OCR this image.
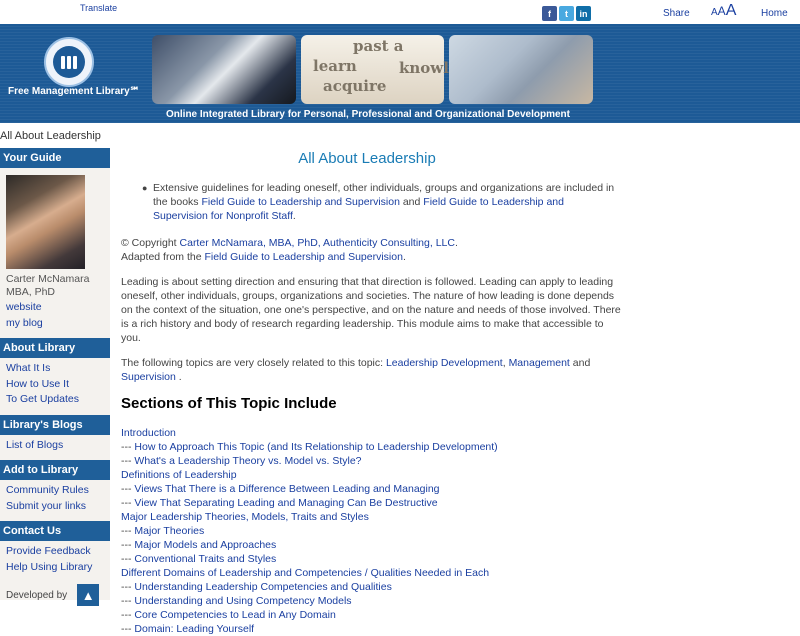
Translate
f	t	in	Share AAA Home
Free Management Library℠
past a
learn
acquire
knowl
Online Integrated Library for Personal, Professional and Organizational Development
All About Leadership
Your Guide
Carter McNamara
MBA, PhD
website
my blog
About Library
What It Is
How to Use It
To Get Updates
Library's Blogs
List of Blogs
Add to Library
Community Rules
Submit your links
Contact Us
Provide Feedback
Help Using Library
Developed by	▲
All About Leadership
● Extensive guidelines for leading oneself, other individuals, groups and organizations are included in the books Field Guide to Leadership and Supervision and Field Guide to Leadership and Supervision for Nonprofit Staff.

© Copyright Carter McNamara, MBA, PhD, Authenticity Consulting, LLC.
Adapted from the Field Guide to Leadership and Supervision.

Leading is about setting direction and ensuring that that direction is followed. Leading can apply to leading oneself, other individuals, groups, organizations and societies. The nature of how leading is done depends on the context of the situation, one one's perspective, and on the nature and needs of those involved. There is a rich history and body of research regarding leadership. This module aims to make that accessible to you.

The following topics are very closely related to this topic: Leadership Development, Management and Supervision .

Sections of This Topic Include
Introduction
--- How to Approach This Topic (and Its Relationship to Leadership Development)
--- What's a Leadership Theory vs. Model vs. Style?
Definitions of Leadership
--- Views That There is a Difference Between Leading and Managing
--- View That Separating Leading and Managing Can Be Destructive
Major Leadership Theories, Models, Traits and Styles
--- Major Theories
--- Major Models and Approaches
--- Conventional Traits and Styles
Different Domains of Leadership and Competencies / Qualities Needed in Each
--- Understanding Leadership Competencies and Qualities
--- Understanding and Using Competency Models
--- Core Competencies to Lead in Any Domain
--- Domain: Leading Yourself
